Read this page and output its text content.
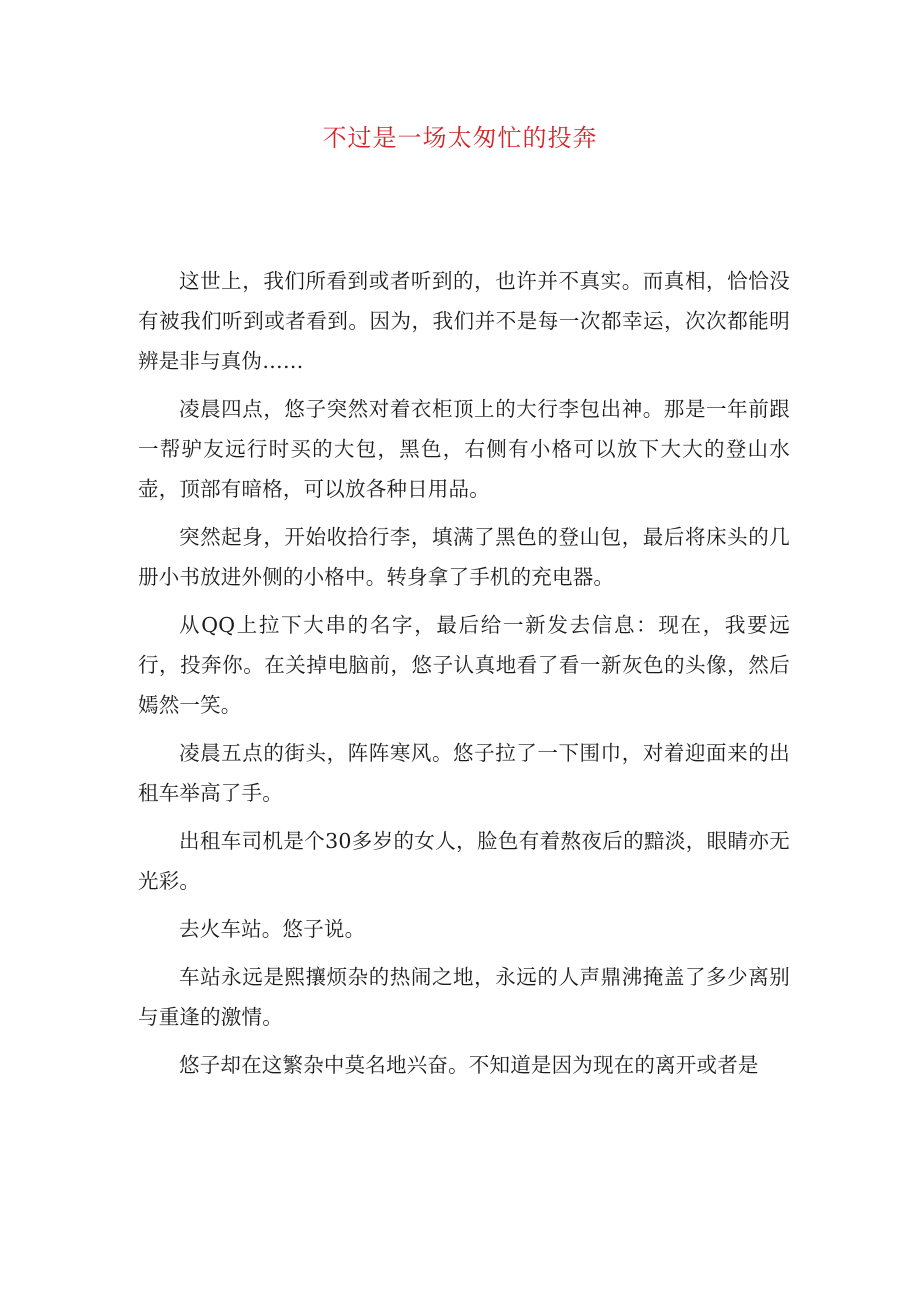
不过是一场太匆忙的投奔

这世上，我们所看到或者听到的，也许并不真实。而真相，恰恰没有被我们听到或者看到。因为，我们并不是每一次都幸运，次次都能明辨是非与真伪……

凌晨四点，悠子突然对着衣柜顶上的大行李包出神。那是一年前跟一帮驴友远行时买的大包，黑色，右侧有小格可以放下大大的登山水壶，顶部有暗格，可以放各种日用品。

突然起身，开始收拾行李，填满了黑色的登山包，最后将床头的几册小书放进外侧的小格中。转身拿了手机的充电器。

从QQ上拉下大串的名字，最后给一新发去信息：现在，我要远行，投奔你。在关掉电脑前，悠子认真地看了看一新灰色的头像，然后嫣然一笑。

凌晨五点的街头，阵阵寒风。悠子拉了一下围巾，对着迎面来的出租车举高了手。

出租车司机是个30多岁的女人，脸色有着熬夜后的黯淡，眼睛亦无光彩。

去火车站。悠子说。

车站永远是熙攘烦杂的热闹之地，永远的人声鼎沸掩盖了多少离别与重逢的激情。

悠子却在这繁杂中莫名地兴奋。不知道是因为现在的离开或者是
